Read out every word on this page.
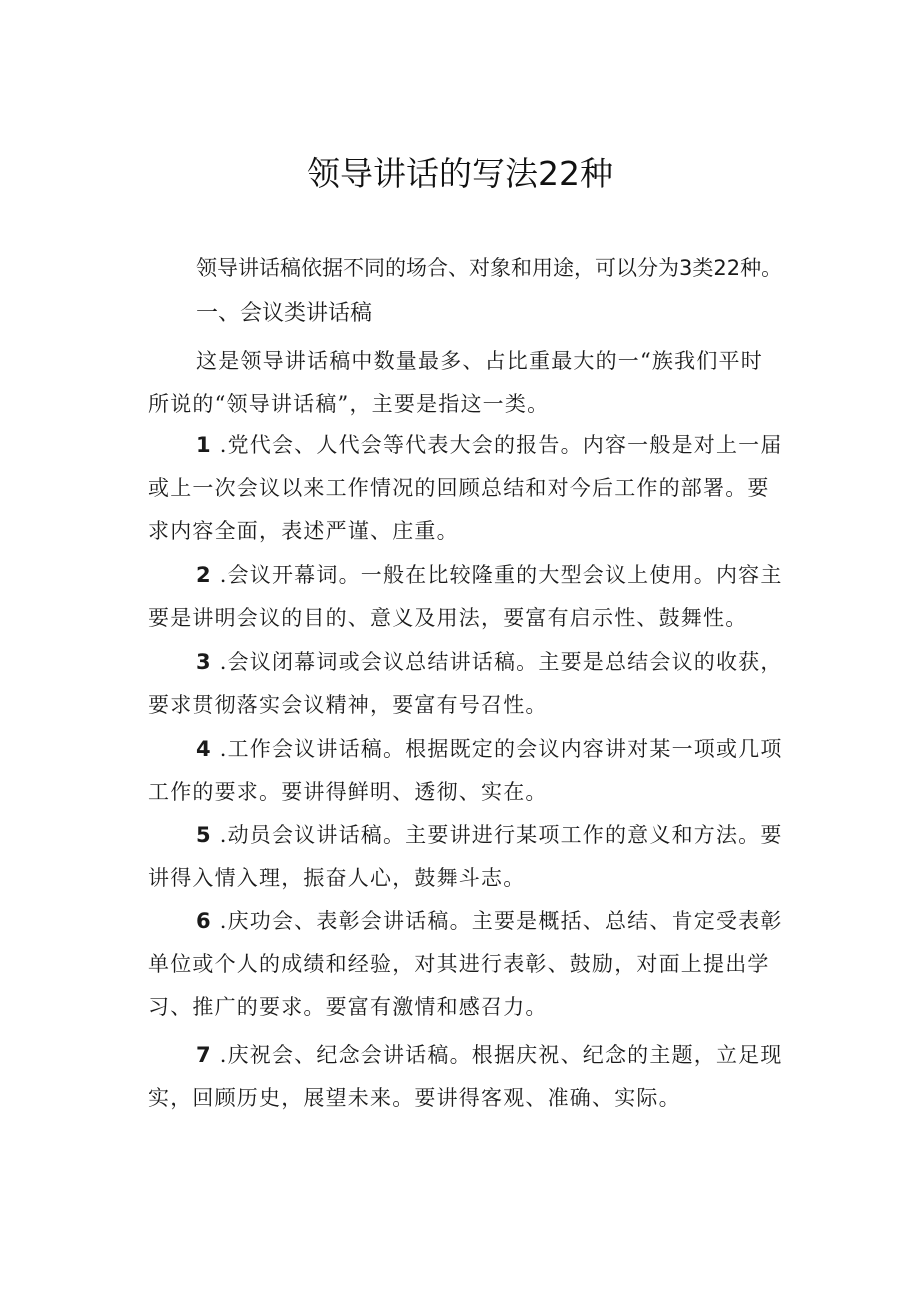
领导讲话的写法22种
领导讲话稿依据不同的场合、对象和用途，可以分为3类22种。
一、会议类讲话稿
这是领导讲话稿中数量最多、占比重最大的一“族我们平时
所说的“领导讲话稿”，主要是指这一类。
1 .党代会、人代会等代表大会的报告。内容一般是对上一届
或上一次会议以来工作情况的回顾总结和对今后工作的部署。要
求内容全面，表述严谨、庄重。
2 .会议开幕词。一般在比较隆重的大型会议上使用。内容主
要是讲明会议的目的、意义及用法，要富有启示性、鼓舞性。
3 .会议闭幕词或会议总结讲话稿。主要是总结会议的收获，
要求贯彻落实会议精神，要富有号召性。
4 .工作会议讲话稿。根据既定的会议内容讲对某一项或几项
工作的要求。要讲得鲜明、透彻、实在。
5 .动员会议讲话稿。主要讲进行某项工作的意义和方法。要
讲得入情入理，振奋人心，鼓舞斗志。
6 .庆功会、表彰会讲话稿。主要是概括、总结、肯定受表彰
单位或个人的成绩和经验，对其进行表彰、鼓励，对面上提出学
习、推广的要求。要富有激情和感召力。
7 .庆祝会、纪念会讲话稿。根据庆祝、纪念的主题，立足现
实，回顾历史，展望未来。要讲得客观、准确、实际。
